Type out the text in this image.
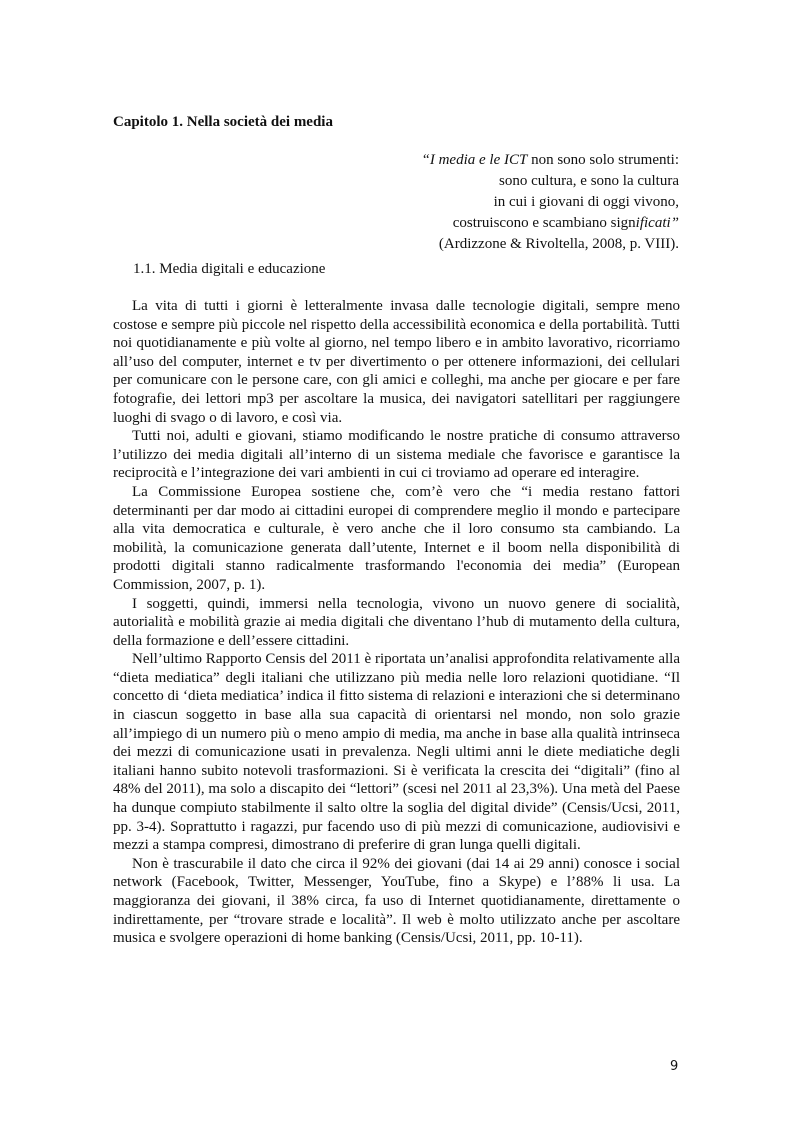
Capitolo 1. Nella società dei media
“I media e le ICT non sono solo strumenti:
sono cultura, e sono la cultura
in cui i giovani di oggi vivono,
costruiscono e scambiano significati”
(Ardizzone & Rivoltella, 2008, p. VIII).
1.1. Media digitali e educazione

La vita di tutti i giorni è letteralmente invasa dalle tecnologie digitali, sempre meno costose e sempre più piccole nel rispetto della accessibilità economica e della portabilità. Tutti noi quotidianamente e più volte al giorno, nel tempo libero e in ambito lavorativo, ricorriamo all’uso del computer, internet e tv per divertimento o per ottenere informazioni, dei cellulari per comunicare con le persone care, con gli amici e colleghi, ma anche per giocare e per fare fotografie, dei lettori mp3 per ascoltare la musica, dei navigatori satellitari per raggiungere luoghi di svago o di lavoro, e così via.

Tutti noi, adulti e giovani, stiamo modificando le nostre pratiche di consumo attraverso l’utilizzo dei media digitali all’interno di un sistema mediale che favorisce e garantisce la reciprocità e l’integrazione dei vari ambienti in cui ci troviamo ad operare ed interagire.

La Commissione Europea sostiene che, com’è vero che “i media restano fattori determinanti per dar modo ai cittadini europei di comprendere meglio il mondo e partecipare alla vita democratica e culturale, è vero anche che il loro consumo sta cambiando. La mobilità, la comunicazione generata dall’utente, Internet e il boom nella disponibilità di prodotti digitali stanno radicalmente trasformando l'economia dei media” (European Commission, 2007, p. 1).

I soggetti, quindi, immersi nella tecnologia, vivono un nuovo genere di socialità, autorialità e mobilità grazie ai media digitali che diventano l’hub di mutamento della cultura, della formazione e dell’essere cittadini.

Nell’ultimo Rapporto Censis del 2011 è riportata un’analisi approfondita relativamente alla “dieta mediatica” degli italiani che utilizzano più media nelle loro relazioni quotidiane. “Il concetto di ‘dieta mediatica’ indica il fitto sistema di relazioni e interazioni che si determinano in ciascun soggetto in base alla sua capacità di orientarsi nel mondo, non solo grazie all’impiego di un numero più o meno ampio di media, ma anche in base alla qualità intrinseca dei mezzi di comunicazione usati in prevalenza. Negli ultimi anni le diete mediatiche degli italiani hanno subito notevoli trasformazioni. Si è verificata la crescita dei “digitali” (fino al 48% del 2011), ma solo a discapito dei “lettori” (scesi nel 2011 al 23,3%). Una metà del Paese ha dunque compiuto stabilmente il salto oltre la soglia del digital divide” (Censis/Ucsi, 2011, pp. 3-4). Soprattutto i ragazzi, pur facendo uso di più mezzi di comunicazione, audiovisivi e mezzi a stampa compresi, dimostrano di preferire di gran lunga quelli digitali.

Non è trascurabile il dato che circa il 92% dei giovani (dai 14 ai 29 anni) conosce i social network (Facebook, Twitter, Messenger, YouTube, fino a Skype) e l’88% li usa. La maggioranza dei giovani, il 38% circa, fa uso di Internet quotidianamente, direttamente o indirettamente, per “trovare strade e località”. Il web è molto utilizzato anche per ascoltare musica e svolgere operazioni di home banking (Censis/Ucsi, 2011, pp. 10-11).

9
